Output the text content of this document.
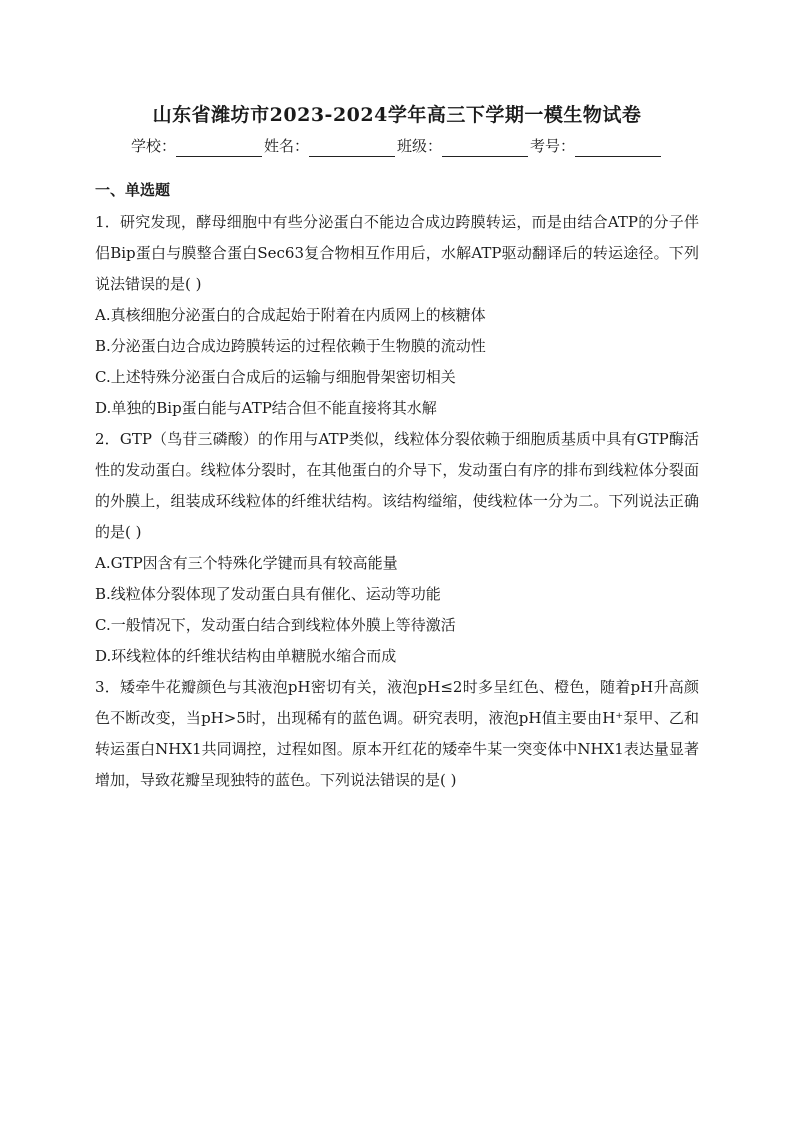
山东省潍坊市2023-2024学年高三下学期一模生物试卷
学校：	姓名：	班级：	考号：
一、单选题

1．研究发现，酵母细胞中有些分泌蛋白不能边合成边跨膜转运，而是由结合ATP的分子伴侣Bip蛋白与膜整合蛋白Sec63复合物相互作用后，水解ATP驱动翻译后的转运途径。下列说法错误的是( )

A.真核细胞分泌蛋白的合成起始于附着在内质网上的核糖体

B.分泌蛋白边合成边跨膜转运的过程依赖于生物膜的流动性

C.上述特殊分泌蛋白合成后的运输与细胞骨架密切相关

D.单独的Bip蛋白能与ATP结合但不能直接将其水解

2．GTP（鸟苷三磷酸）的作用与ATP类似，线粒体分裂依赖于细胞质基质中具有GTP酶活性的发动蛋白。线粒体分裂时，在其他蛋白的介导下，发动蛋白有序的排布到线粒体分裂面的外膜上，组装成环线粒体的纤维状结构。该结构缢缩，使线粒体一分为二。下列说法正确的是( )

A.GTP因含有三个特殊化学键而具有较高能量

B.线粒体分裂体现了发动蛋白具有催化、运动等功能

C.一般情况下，发动蛋白结合到线粒体外膜上等待激活

D.环线粒体的纤维状结构由单糖脱水缩合而成

3．矮牵牛花瓣颜色与其液泡pH密切有关，液泡pH≤2时多呈红色、橙色，随着pH升高颜色不断改变，当pH>5时，出现稀有的蓝色调。研究表明，液泡pH值主要由H⁺泵甲、乙和转运蛋白NHX1共同调控，过程如图。原本开红花的矮牵牛某一突变体中NHX1表达量显著增加，导致花瓣呈现独特的蓝色。下列说法错误的是( )
